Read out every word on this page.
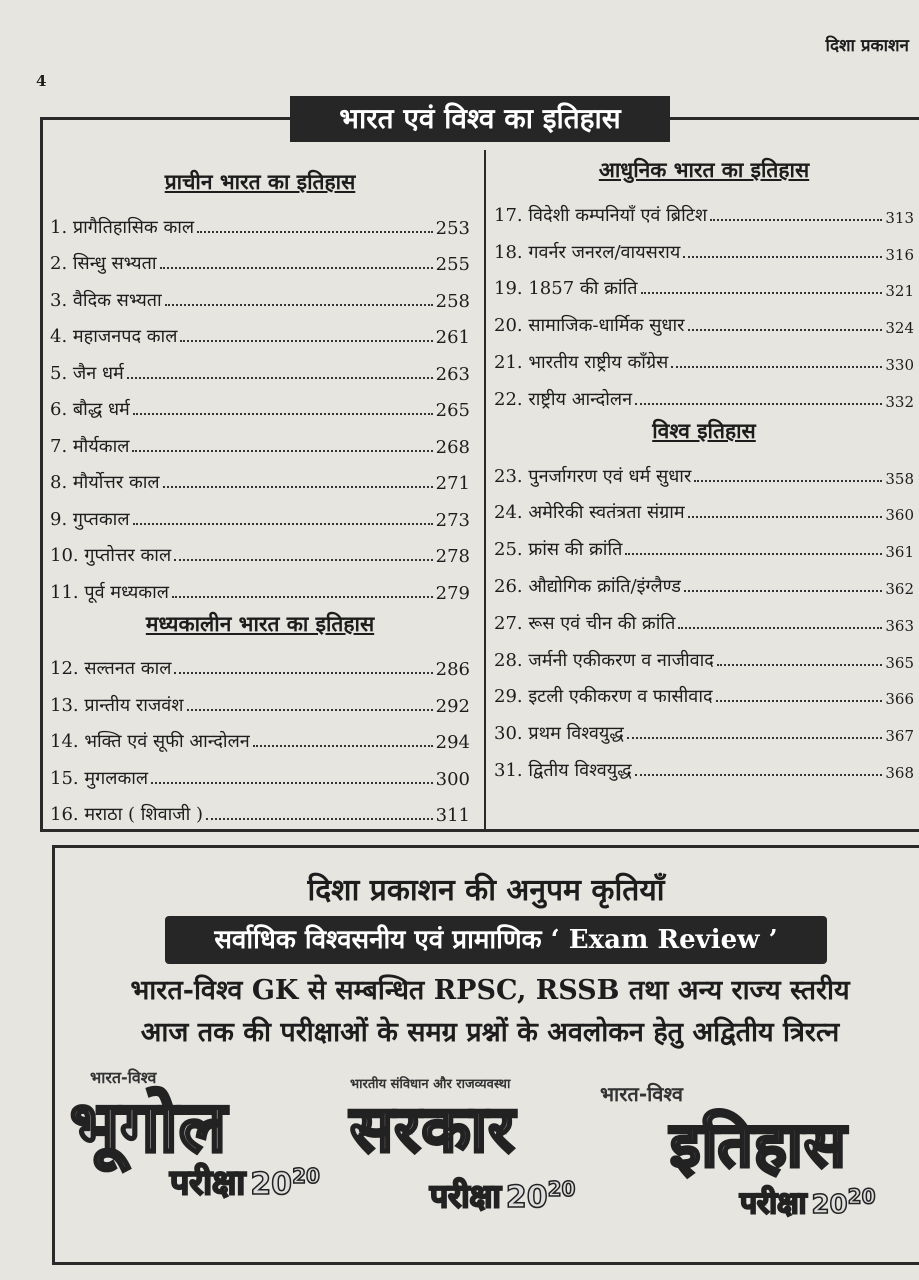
4
दिशा प्रकाशन
भारत एवं विश्व का इतिहास
प्राचीन भारत का इतिहास
1. प्रागैतिहासिक काल	253
2. सिन्धु सभ्यता	255
3. वैदिक सभ्यता	258
4. महाजनपद काल	261
5. जैन धर्म	263
6. बौद्ध धर्म	265
7. मौर्यकाल	268
8. मौर्योत्तर काल	271
9. गुप्तकाल	273
10. गुप्तोत्तर काल	278
11. पूर्व मध्यकाल	279
मध्यकालीन भारत का इतिहास
12. सल्तनत काल	286
13. प्रान्तीय राजवंश	292
14. भक्ति एवं सूफी आन्दोलन	294
15. मुगलकाल	300
16. मराठा ( शिवाजी )	311
आधुनिक भारत का इतिहास
17. विदेशी कम्पनियाँ एवं ब्रिटिश	313
18. गवर्नर जनरल/वायसराय	316
19. 1857 की क्रांति	321
20. सामाजिक-धार्मिक सुधार	324
21. भारतीय राष्ट्रीय काँग्रेस	330
22. राष्ट्रीय आन्दोलन	332
विश्व इतिहास
23. पुनर्जागरण एवं धर्म सुधार	358
24. अमेरिकी स्वतंत्रता संग्राम	360
25. फ्रांस की क्रांति	361
26. औद्योगिक क्रांति/इंग्लैण्ड	362
27. रूस एवं चीन की क्रांति	363
28. जर्मनी एकीकरण व नाजीवाद	365
29. इटली एकीकरण व फासीवाद	366
30. प्रथम विश्वयुद्ध	367
31. द्वितीय विश्वयुद्ध	368
दिशा प्रकाशन की अनुपम कृतियाँ
सर्वाधिक विश्वसनीय एवं प्रामाणिक ‘ Exam Review ’
भारत-विश्व GK से सम्बन्धित RPSC, RSSB तथा अन्य राज्य स्तरीय
आज तक की परीक्षाओं के समग्र प्रश्नों के अवलोकन हेतु अद्वितीय त्रिरत्न
भारत-विश्व
भूगोल
परीक्षा $20^{20}$
भारतीय संविधान और राजव्यवस्था
सरकार
परीक्षा $20^{20}$
भारत-विश्व
इतिहास
परीक्षा $20^{20}$
